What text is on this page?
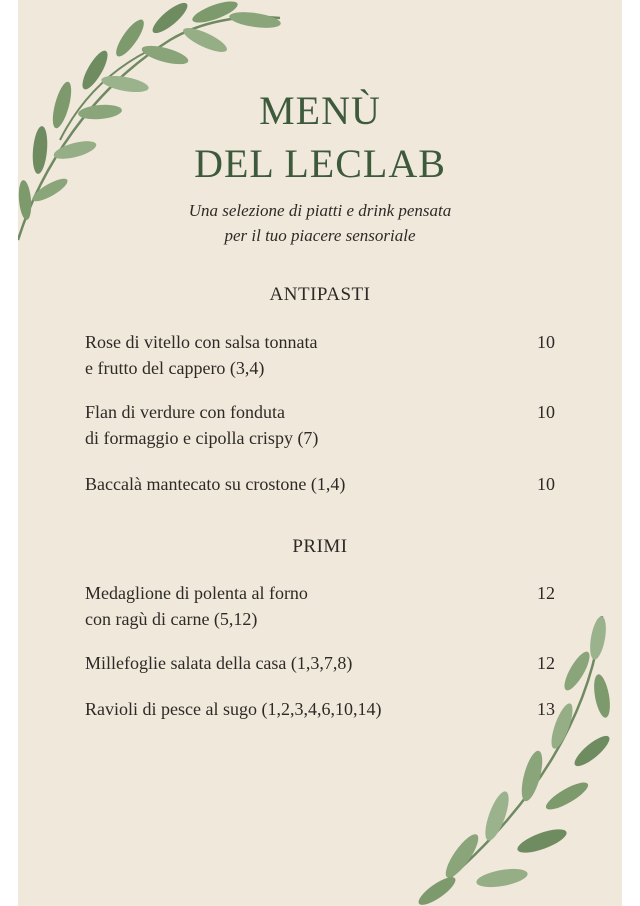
MENÙ
DEL LECLAB
Una selezione di piatti e drink pensata
per il tuo piacere sensoriale
ANTIPASTI
Rose di vitello con salsa tonnata
e frutto del cappero (3,4)
10
Flan di verdure con fonduta
di formaggio e cipolla crispy (7)
10
Baccalà mantecato su crostone (1,4)	10
PRIMI
Medaglione di polenta al forno
con ragù di carne (5,12)
12
Millefoglie salata della casa (1,3,7,8)	12
Ravioli di pesce al sugo (1,2,3,4,6,10,14)	13
